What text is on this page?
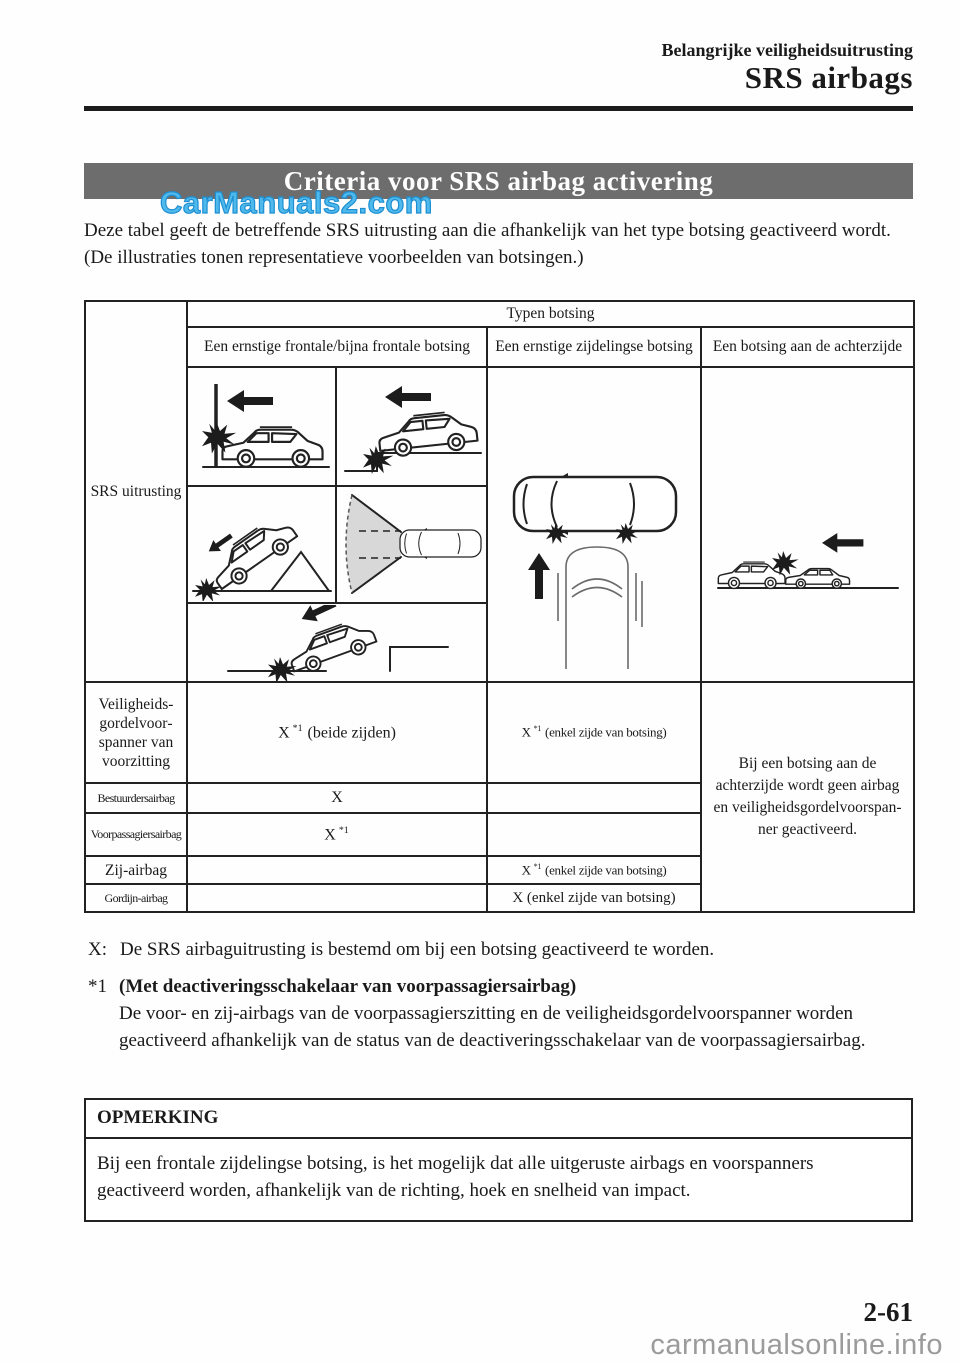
Belangrijke veiligheidsuitrusting
SRS airbags
Criteria voor SRS airbag activering
CarManuals2.com

Deze tabel geeft de betreffende SRS uitrusting aan die afhankelijk van het type botsing geactiveerd wordt.

(De illustraties tonen representatieve voorbeelden van botsingen.)

SRS uitrusting	Typen botsing		
	Een ernstige frontale/bijna frontale botsing	Een ernstige zijdelingse botsing	Een botsing aan de achterzijde

Veiligheidsgordelvoorspanner van voorzitting	X $^{*1}$ (beide zijden)	X $^{*1}$ (enkel zijde van botsing)	Bij een botsing aan de achterzijde wordt geen airbag en veiligheidsgordelvoorspanner geactiveerd.

Bestuurdersairbag	X		
Voorpassagiersairbag	X $^{*1}$	
Zij-airbag		X $^{*1}$ (enkel zijde van botsing)	
Gordijn-airbag		X (enkel zijde van botsing)	
X: De SRS airbaguitrusting is bestemd om bij een botsing geactiveerd te worden.
*1 (Met deactiveringsschakelaar van voorpassagiersairbag)
De voor- en zij-airbags van de voorpassagierszitting en de veiligheidsgordelvoorspanner worden geactiveerd afhankelijk van de status van de deactiveringsschakelaar van de voorpassagiersairbag.
OPMERKING
Bij een frontale zijdelingse botsing, is het mogelijk dat alle uitgeruste airbags en voorspanners geactiveerd worden, afhankelijk van de richting, hoek en snelheid van impact.
2-61
carmanualsonline.info
